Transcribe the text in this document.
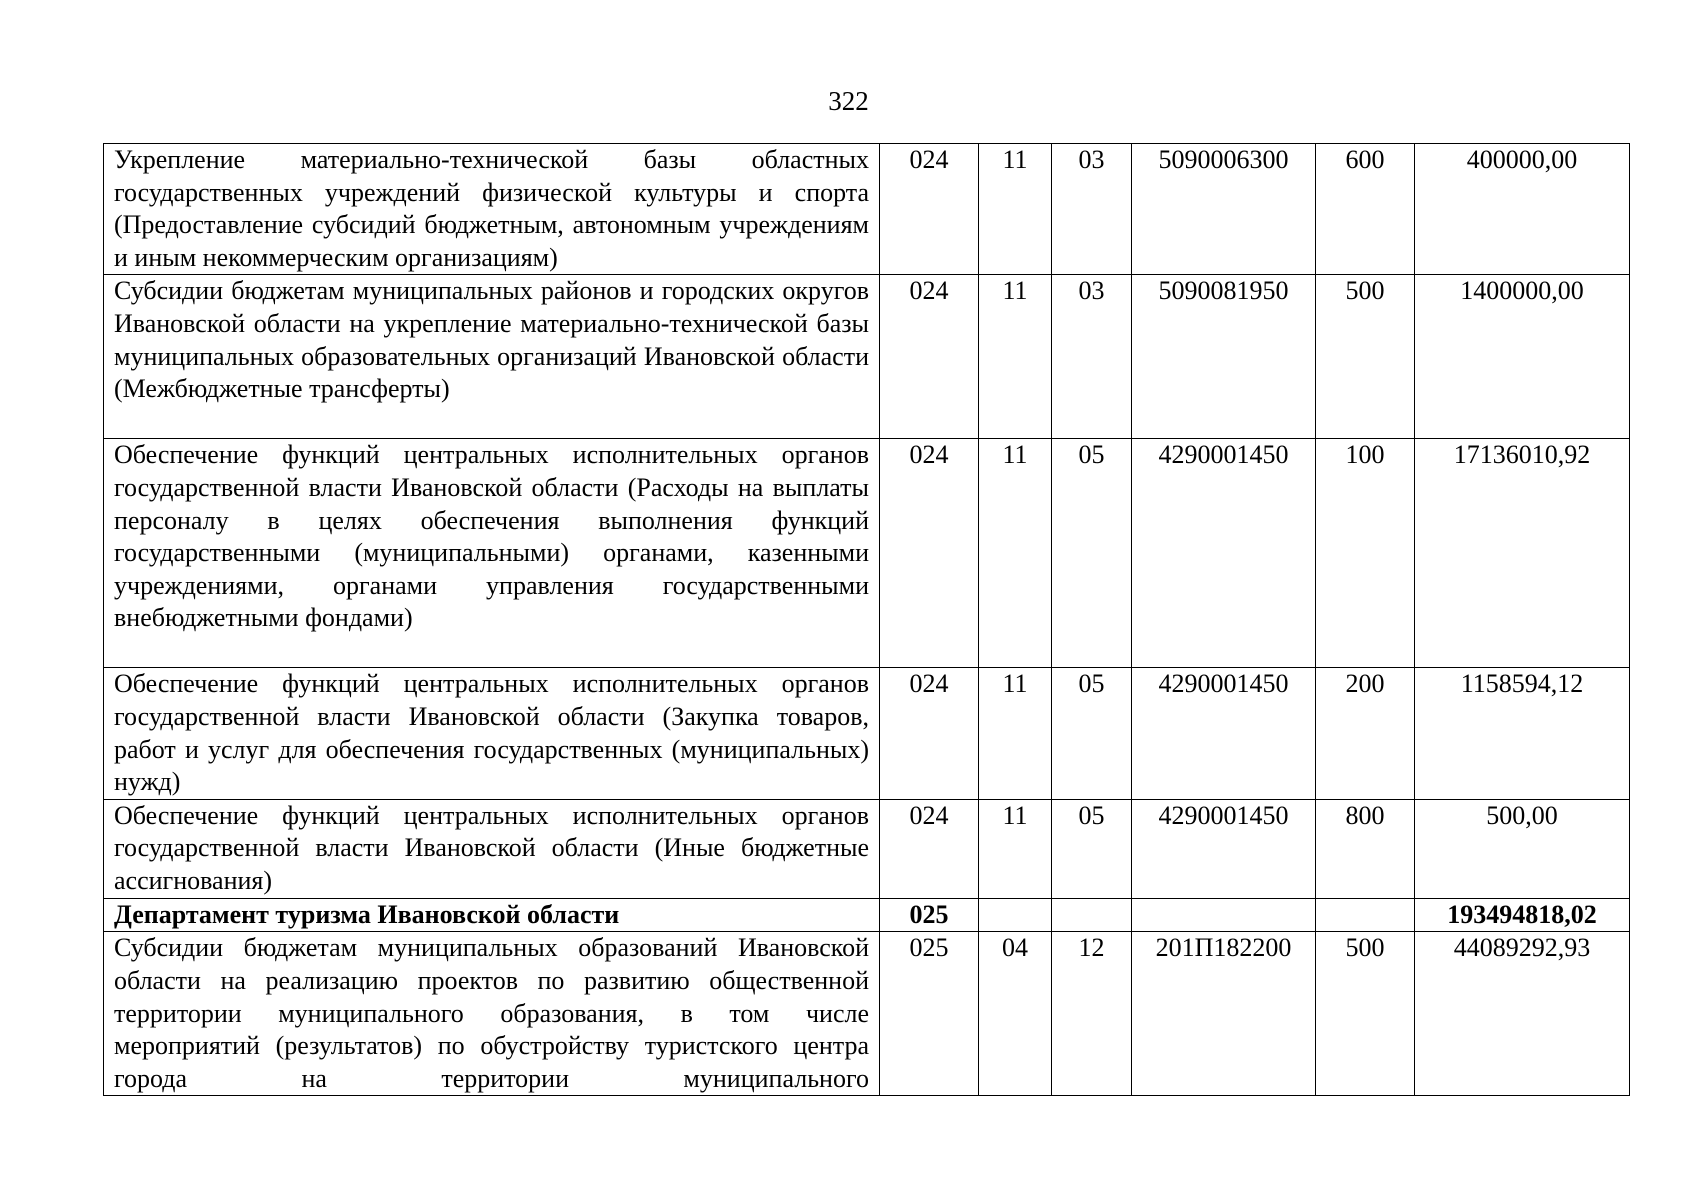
322
Укрепление материально-технической базы областных государственных учреждений физической культуры и спорта (Предоставление субсидий бюджетным, автономным учреждениям и иным некоммерческим организациям)	024	11	03	5090006300	600	400000,00
Субсидии бюджетам муниципальных районов и городских округов Ивановской области на укрепление материально-технической базы муниципальных образовательных организаций Ивановской области (Межбюджетные трансферты)	024	11	03	5090081950	500	1400000,00
Обеспечение функций центральных исполнительных органов государственной власти Ивановской области (Расходы на выплаты персоналу в целях обеспечения выполнения функций государственными (муниципальными) органами, казенными учреждениями, органами управления государственными внебюджетными фондами)	024	11	05	4290001450	100	17136010,92
Обеспечение функций центральных исполнительных органов государственной власти Ивановской области (Закупка товаров, работ и услуг для обеспечения государственных (муниципальных) нужд)	024	11	05	4290001450	200	1158594,12
Обеспечение функций центральных исполнительных органов государственной власти Ивановской области (Иные бюджетные ассигнования)	024	11	05	4290001450	800	500,00
Департамент туризма Ивановской области	025					193494818,02
Субсидии бюджетам муниципальных образований Ивановской области на реализацию проектов по развитию общественной территории муниципального образования, в том числе мероприятий (результатов) по обустройству туристского центра города на территории муниципального	025	04	12	201П182200	500	44089292,93
